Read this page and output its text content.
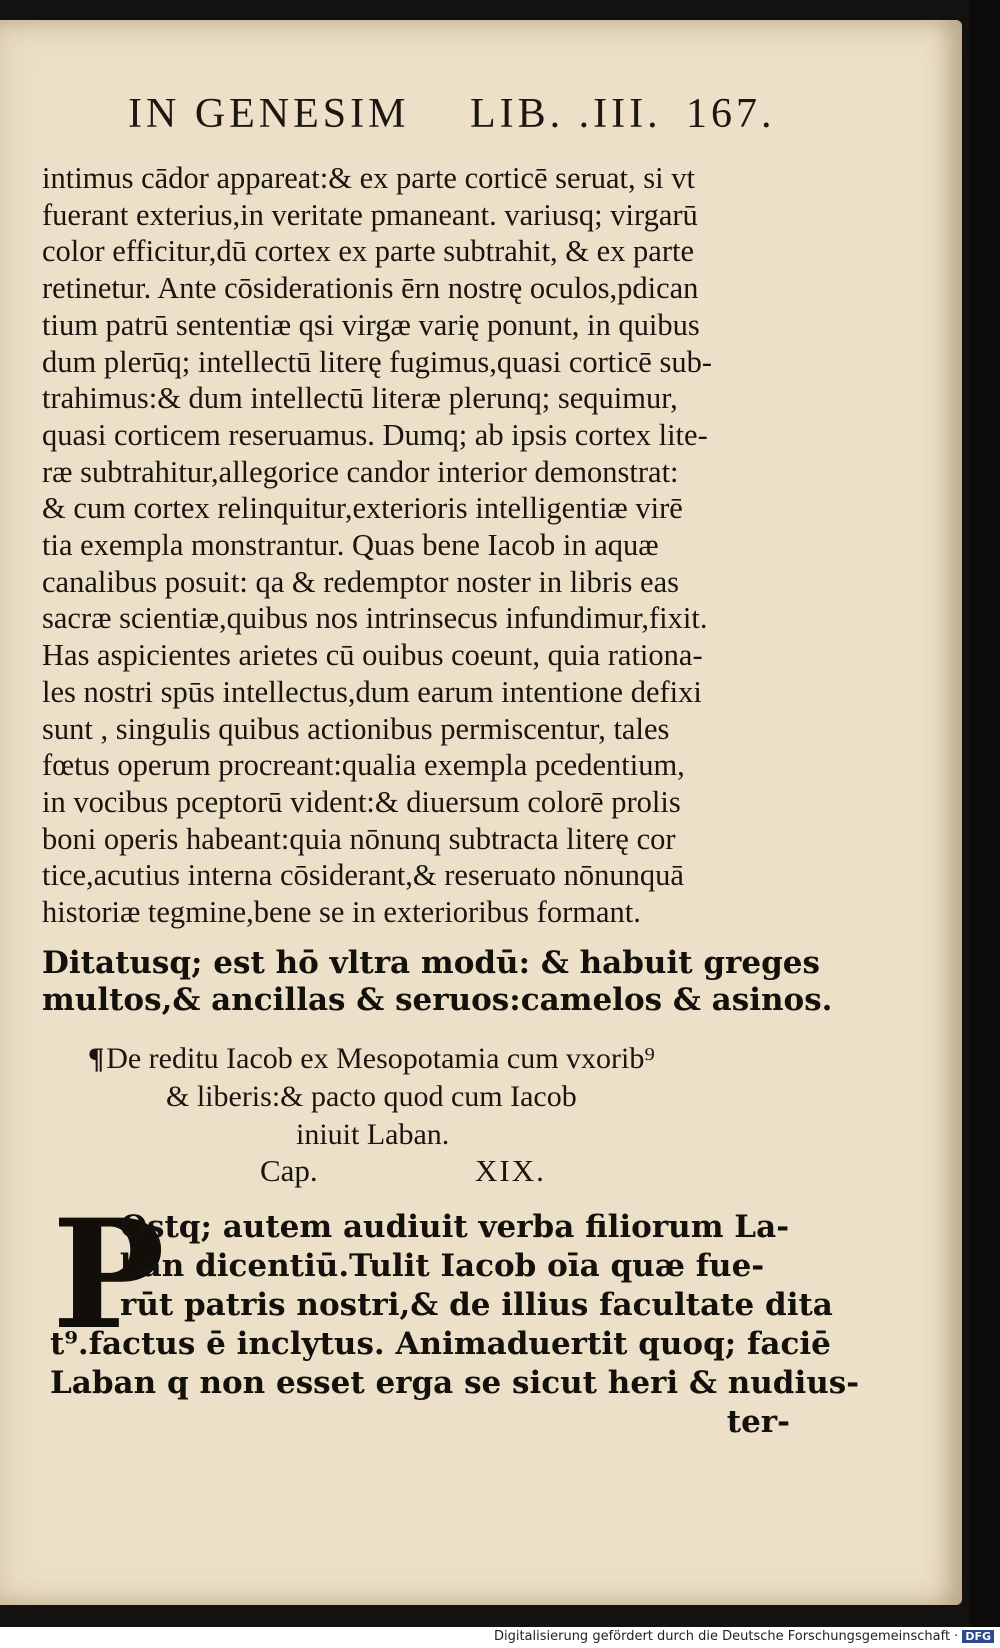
IN GENESIM LIB. .III. 167.
intimus cādor appareat:& ex parte corticē seruat, si vt
fuerant exterius,in veritate pmaneant. variusq; virgarū
color efficitur,dū cortex ex parte subtrahit, & ex parte
retinetur. Ante cōsiderationis ērn nostrę oculos,pdican
tium patrū sententiæ qsi virgæ varię ponunt, in quibus
dum plerūq; intellectū literę fugimus,quasi corticē sub-
trahimus:& dum intellectū literæ plerunq; sequimur,
quasi corticem reseruamus. Dumq; ab ipsis cortex lite-
ræ subtrahitur,allegorice candor interior demonstrat:
& cum cortex relinquitur,exterioris intelligentiæ virē
tia exempla monstrantur. Quas bene Iacob in aquæ
canalibus posuit: qa & redemptor noster in libris eas
sacræ scientiæ,quibus nos intrinsecus infundimur,fixit.
Has aspicientes arietes cū ouibus coeunt, quia rationa-
les nostri spūs intellectus,dum earum intentione defixi
sunt , singulis quibus actionibus permiscentur, tales
fœtus operum procreant:qualia exempla pcedentium,
in vocibus pceptorū vident:& diuersum colorē prolis
boni operis habeant:quia nōnunq subtracta literę cor
tice,acutius interna cōsiderant,& reseruato nōnunquā
historiæ tegmine,bene se in exterioribus formant.
Ditatusq; est hō vltra modū: & habuit greges
multos,& ancillas & seruos:camelos & asinos.
¶De reditu Iacob ex Mesopotamia cum vxorib⁹
& liberis:& pacto quod cum Iacob
iniuit Laban.
Cap.	XIX.
P
Ostq; autem audiuit verba filiorum La-
ban dicentiū.Tulit Iacob oīa quæ fue-
rūt patris nostri,& de illius facultate dita
t⁹.factus ē inclytus. Animaduertit quoq; faciē
Laban q non esset erga se sicut heri & nudius-
ter-
Digitalisierung gefördert durch die Deutsche Forschungsgemeinschaft · DFG
